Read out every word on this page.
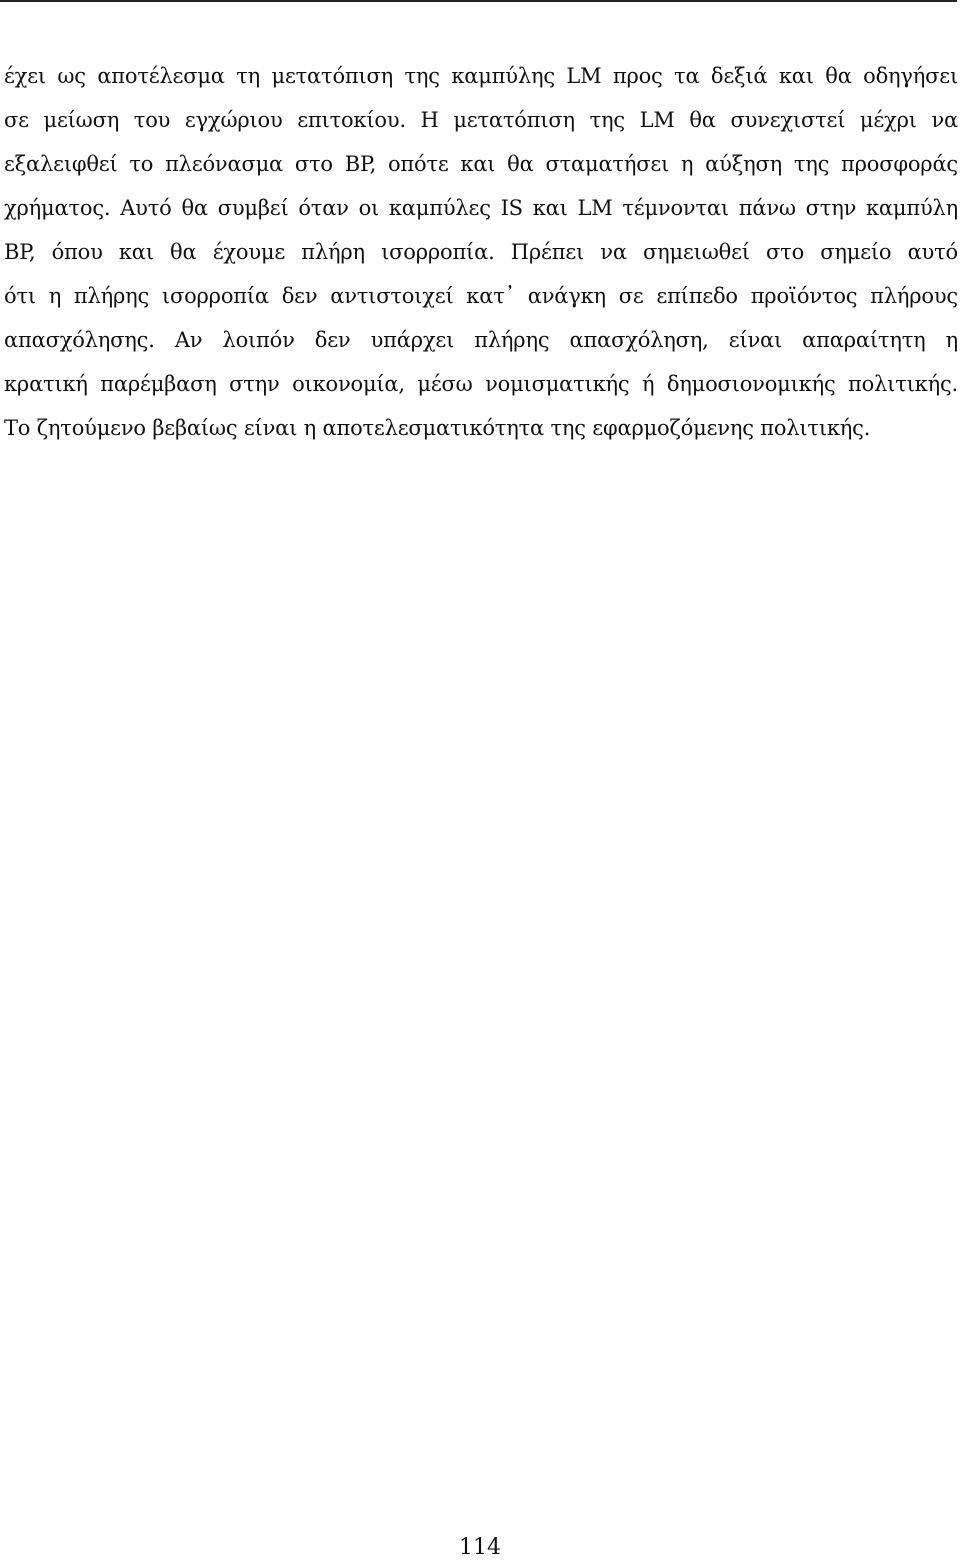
έχει ως αποτέλεσμα τη μετατόπιση της καμπύλης LM προς τα δεξιά και θα οδηγήσει
σε μείωση του εγχώριου επιτοκίου. Η μετατόπιση της LM θα συνεχιστεί μέχρι να
εξαλειφθεί το πλεόνασμα στο BP, οπότε και θα σταματήσει η αύξηση της προσφοράς
χρήματος. Αυτό θα συμβεί όταν οι καμπύλες IS και LM τέμνονται πάνω στην καμπύλη
BP, όπου και θα έχουμε πλήρη ισορροπία. Πρέπει να σημειωθεί στο σημείο αυτό
ότι η πλήρης ισορροπία δεν αντιστοιχεί κατ᾽ ανάγκη σε επίπεδο προϊόντος πλήρους
απασχόλησης. Αν λοιπόν δεν υπάρχει πλήρης απασχόληση, είναι απαραίτητη η
κρατική παρέμβαση στην οικονομία, μέσω νομισματικής ή δημοσιονομικής πολιτικής.
Το ζητούμενο βεβαίως είναι η αποτελεσματικότητα της εφαρμοζόμενης πολιτικής.
114
